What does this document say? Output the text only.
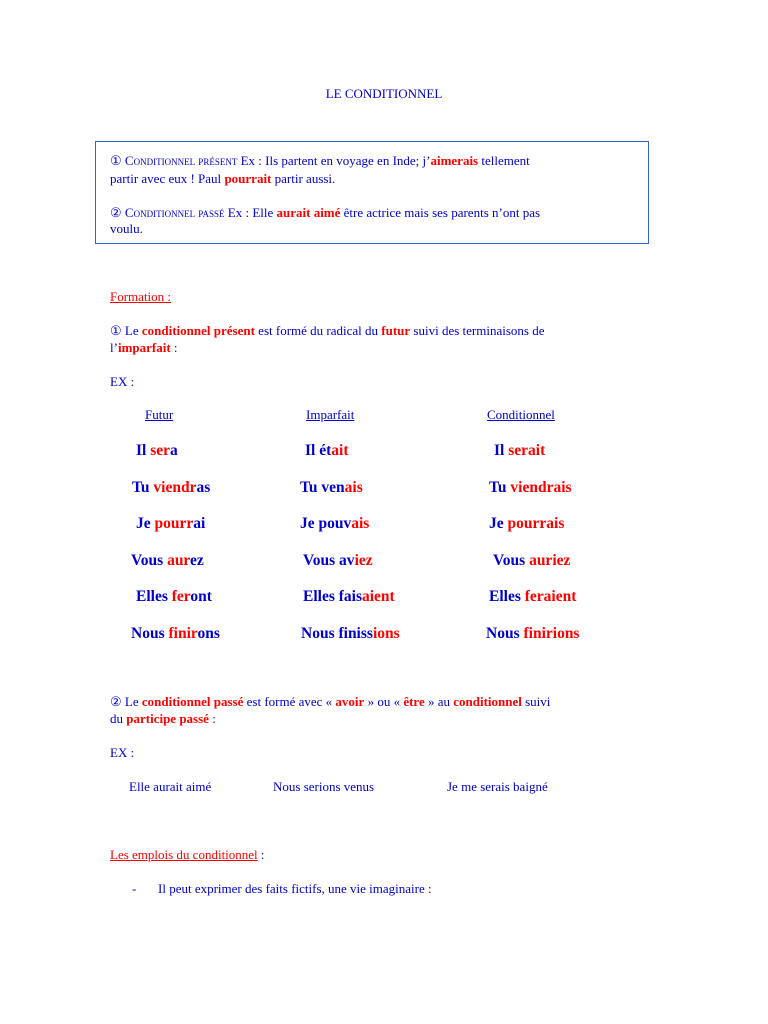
LE CONDITIONNEL
① Conditionnel présent Ex : Ils partent en voyage en Inde; j’aimerais tellement
partir avec eux ! Paul pourrait partir aussi.
② Conditionnel passé Ex : Elle aurait aimé être actrice mais ses parents n’ont pas
voulu.
Formation :
① Le conditionnel présent est formé du radical du futur suivi des terminaisons de
l’imparfait :
EX :
Futur	Imparfait	Conditionnel
Il sera	Il était	Il serait
Tu viendras	Tu venais	Tu viendrais
Je pourrai	Je pouvais	Je pourrais
Vous aurez	Vous aviez	Vous auriez
Elles feront	Elles faisaient	Elles feraient
Nous finirons	Nous finissions	Nous finirions
② Le conditionnel passé est formé avec « avoir » ou « être » au conditionnel suivi
du participe passé :
EX :
Elle aurait aimé	Nous serions venus	Je me serais baigné
Les emplois du conditionnel :
- Il peut exprimer des faits fictifs, une vie imaginaire :
